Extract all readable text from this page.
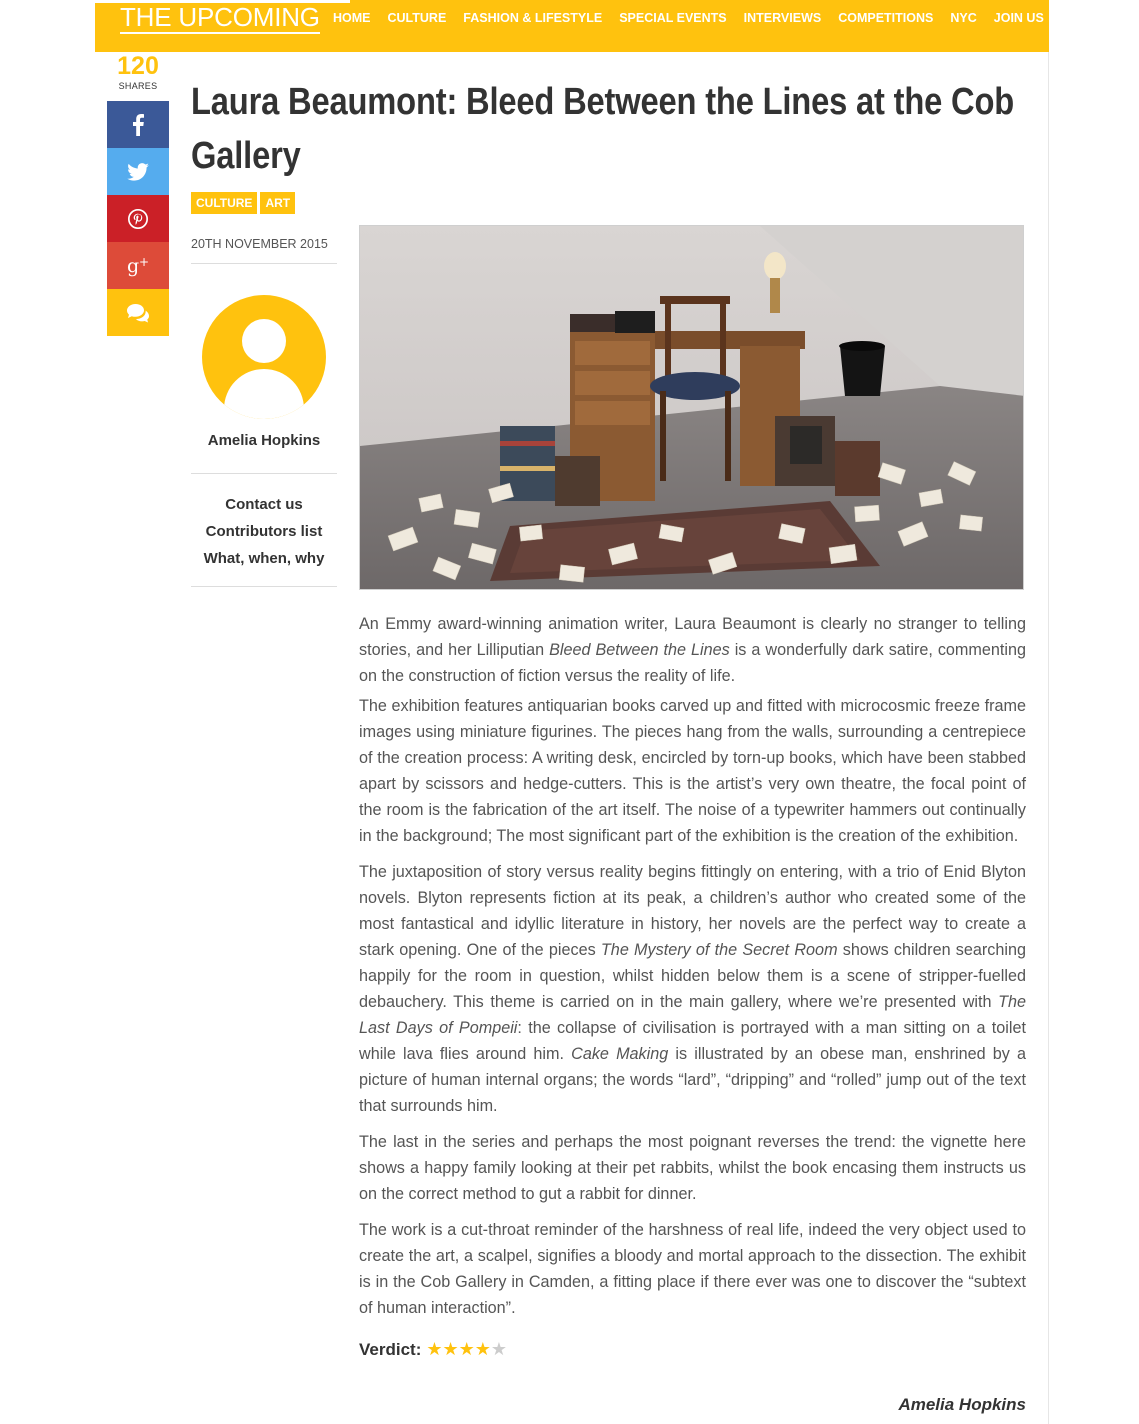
THE UPCOMING HOME CULTURE FASHION & LIFESTYLE SPECIAL EVENTS INTERVIEWS COMPETITIONS NYC JOIN US
120
SHARES
g +
Laura Beaumont: Bleed Between the Lines at the Cob Gallery
CULTURE	ART
20TH NOVEMBER 2015
Amelia Hopkins
Contact us
Contributors list
What, when, why

An Emmy award-winning animation writer, Laura Beaumont is clearly no stranger to telling stories, and her Lilliputian Bleed Between the Lines is a wonderfully dark satire, commenting on the construction of fiction versus the reality of life.

The exhibition features antiquarian books carved up and fitted with microcosmic freeze frame images using miniature figurines. The pieces hang from the walls, surrounding a centrepiece of the creation process: A writing desk, encircled by torn-up books, which have been stabbed apart by scissors and hedge-cutters. This is the artist’s very own theatre, the focal point of the room is the fabrication of the art itself. The noise of a typewriter hammers out continually in the background; The most significant part of the exhibition is the creation of the exhibition.

The juxtaposition of story versus reality begins fittingly on entering, with a trio of Enid Blyton novels. Blyton represents fiction at its peak, a children’s author who created some of the most fantastical and idyllic literature in history, her novels are the perfect way to create a stark opening. One of the pieces The Mystery of the Secret Room shows children searching happily for the room in question, whilst hidden below them is a scene of stripper-fuelled debauchery. This theme is carried on in the main gallery, where we’re presented with The Last Days of Pompeii: the collapse of civilisation is portrayed with a man sitting on a toilet while lava flies around him. Cake Making is illustrated by an obese man, enshrined by a picture of human internal organs; the words “lard”, “dripping” and “rolled” jump out of the text that surrounds him.

The last in the series and perhaps the most poignant reverses the trend: the vignette here shows a happy family looking at their pet rabbits, whilst the book encasing them instructs us on the correct method to gut a rabbit for dinner.

The work is a cut-throat reminder of the harshness of real life, indeed the very object used to create the art, a scalpel, signifies a bloody and mortal approach to the dissection. The exhibit is in the Cob Gallery in Camden, a fitting place if there ever was one to discover the “subtext of human interaction”.

Verdict: ★★★★★
Amelia Hopkins
